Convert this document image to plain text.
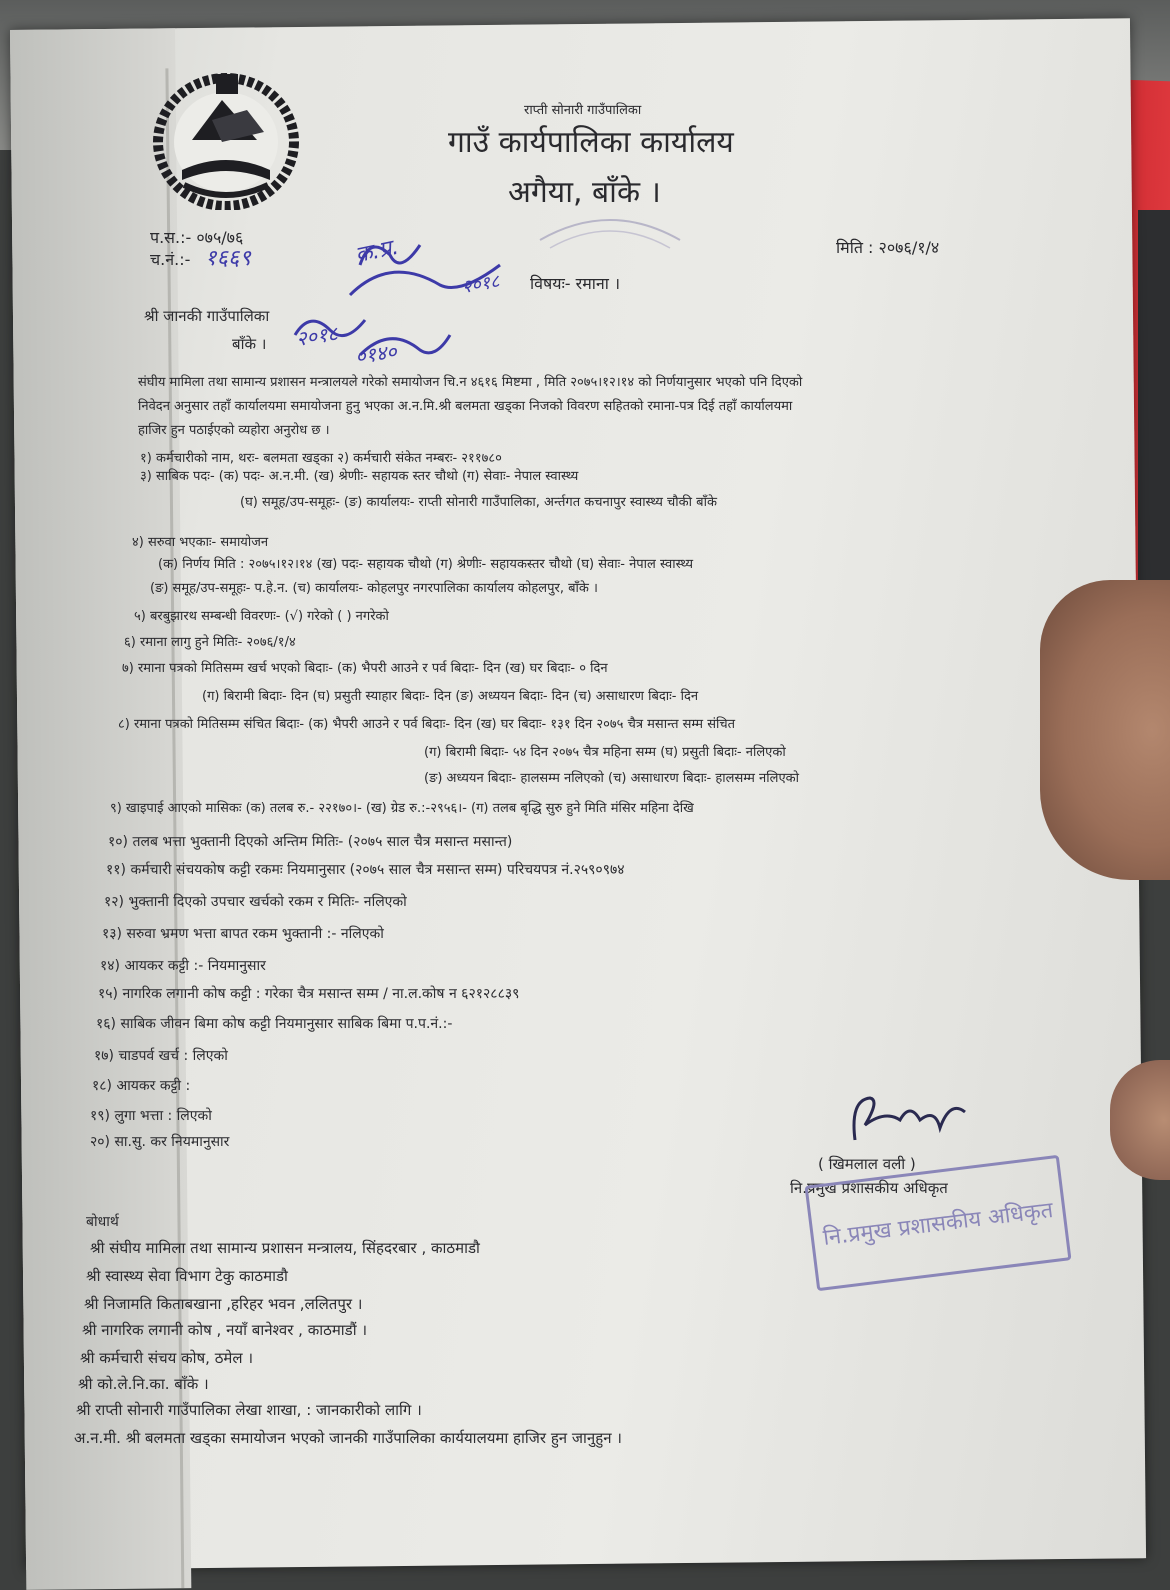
राप्ती सोनारी गाउँपालिका
गाउँ कार्यपालिका कार्यालय
अगैया, बाँके ।
प.स.:- ०७५/७६
च.नं.:- १६६९	मिति : २०७६/१/४
विषयः- रमाना ।
क.प्र.
२०१८
२०१८
०१४०
श्री जानकी गाउँपालिका
बाँके ।
संघीय मामिला तथा सामान्य प्रशासन मन्त्रालयले गरेको समायोजन चि.न ४६१६ मिष्टमा , मिति २०७५।१२।१४ को निर्णयानुसार भएको पनि दिएको
निवेदन अनुसार तहाँ कार्यालयमा समायोजना हुनु भएका अ.न.मि.श्री बलमता खड्का निजको विवरण सहितको रमाना-पत्र दिई तहाँ कार्यालयमा
हाजिर हुन पठाईएको व्यहोरा अनुरोध छ ।
१) कर्मचारीको नाम, थरः- बलमता खड्का २) कर्मचारी संकेत नम्बरः- २११७८०
३) साबिक पदः- (क) पदः- अ.न.मी. (ख) श्रेणीः- सहायक स्तर चौथो (ग) सेवाः- नेपाल स्वास्थ्य
(घ) समूह/उप-समूहः- (ङ) कार्यालयः- राप्ती सोनारी गाउँपालिका, अर्न्तगत कचनापुर स्वास्थ्य चौकी बाँके
४) सरुवा भएकाः- समायोजन
(क) निर्णय मिति : २०७५।१२।१४ (ख) पदः- सहायक चौथो (ग) श्रेणीः- सहायकस्तर चौथो (घ) सेवाः- नेपाल स्वास्थ्य
(ङ) समूह/उप-समूहः- प.हे.न. (च) कार्यालयः- कोहलपुर नगरपालिका कार्यालय कोहलपुर, बाँके ।
५) बरबुझारथ सम्बन्धी विवरणः- (√) गरेको ( ) नगरेको
६) रमाना लागु हुने मितिः- २०७६/१/४
७) रमाना पत्रको मितिसम्म खर्च भएको बिदाः- (क) भैपरी आउने र पर्व बिदाः- दिन (ख) घर बिदाः- ० दिन
(ग) बिरामी बिदाः- दिन (घ) प्रसुती स्याहार बिदाः- दिन (ङ) अध्ययन बिदाः- दिन (च) असाधारण बिदाः- दिन
८) रमाना पत्रको मितिसम्म संचित बिदाः- (क) भैपरी आउने र पर्व बिदाः- दिन (ख) घर बिदाः- १३१ दिन २०७५ चैत्र मसान्त सम्म संचित
(ग) बिरामी बिदाः- ५४ दिन २०७५ चैत्र महिना सम्म (घ) प्रसुती बिदाः- नलिएको
(ङ) अध्ययन बिदाः- हालसम्म नलिएको (च) असाधारण बिदाः- हालसम्म नलिएको
९) खाइपाई आएको मासिकः (क) तलब रु.- २२१७०।- (ख) ग्रेड रु.:-२९५६।- (ग) तलब बृद्धि सुरु हुने मिति मंसिर महिना देखि
१०) तलब भत्ता भुक्तानी दिएको अन्तिम मितिः- (२०७५ साल चैत्र मसान्त मसान्त)
११) कर्मचारी संचयकोष कट्टी रकमः नियमानुसार (२०७५ साल चैत्र मसान्त सम्म) परिचयपत्र नं.२५९०९७४
१२) भुक्तानी दिएको उपचार खर्चको रकम र मितिः- नलिएको
१३) सरुवा भ्रमण भत्ता बापत रकम भुक्तानी :- नलिएको
१४) आयकर कट्टी :- नियमानुसार
१५) नागरिक लगानी कोष कट्टी : गरेका चैत्र मसान्त सम्म / ना.ल.कोष न ६२१२८८३९
१६) साबिक जीवन बिमा कोष कट्टी नियमानुसार साबिक बिमा प.प.नं.:-
१७) चाडपर्व खर्च : लिएको
१८) आयकर कट्टी :
१९) लुगा भत्ता : लिएको
२०) सा.सु. कर नियमानुसार
( खिमलाल वली )
नि.प्रमुख प्रशासकीय अधिकृत
नि.प्रमुख प्रशासकीय अधिकृत
बोधार्थ
श्री संघीय मामिला तथा सामान्य प्रशासन मन्त्रालय, सिंहदरबार , काठमाडौ
श्री स्वास्थ्य सेवा विभाग टेकु काठमाडौ
श्री निजामति किताबखाना ,हरिहर भवन ,ललितपुर ।
श्री नागरिक लगानी कोष , नयाँ बानेश्वर , काठमाडौं ।
श्री कर्मचारी संचय कोष, ठमेल ।
श्री को.ले.नि.का. बाँके ।
श्री राप्ती सोनारी गाउँपालिका लेखा शाखा, : जानकारीको लागि ।
अ.न.मी. श्री बलमता खड्का समायोजन भएको जानकी गाउँपालिका कार्ययालयमा हाजिर हुन जानुहुन ।
